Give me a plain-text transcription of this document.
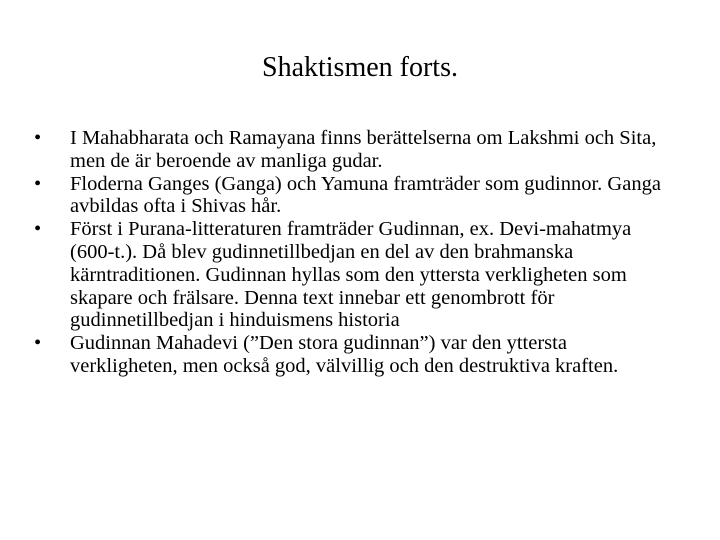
Shaktismen forts.
•	I Mahabharata och Ramayana finns berättelserna om Lakshmi och Sita, men de är beroende av manliga gudar.
•	Floderna Ganges (Ganga) och Yamuna framträder som gudinnor. Ganga avbildas ofta i Shivas hår.
•	Först i Purana-litteraturen framträder Gudinnan, ex. Devi-mahatmya (600-t.). Då blev gudinnetillbedjan en del av den brahmanska kärntraditionen. Gudinnan hyllas som den yttersta verkligheten som skapare och frälsare. Denna text innebar ett genombrott för gudinnetillbedjan i hinduismens historia
•	Gudinnan Mahadevi (”Den stora gudinnan”) var den yttersta verkligheten, men också god, välvillig och den destruktiva kraften.
